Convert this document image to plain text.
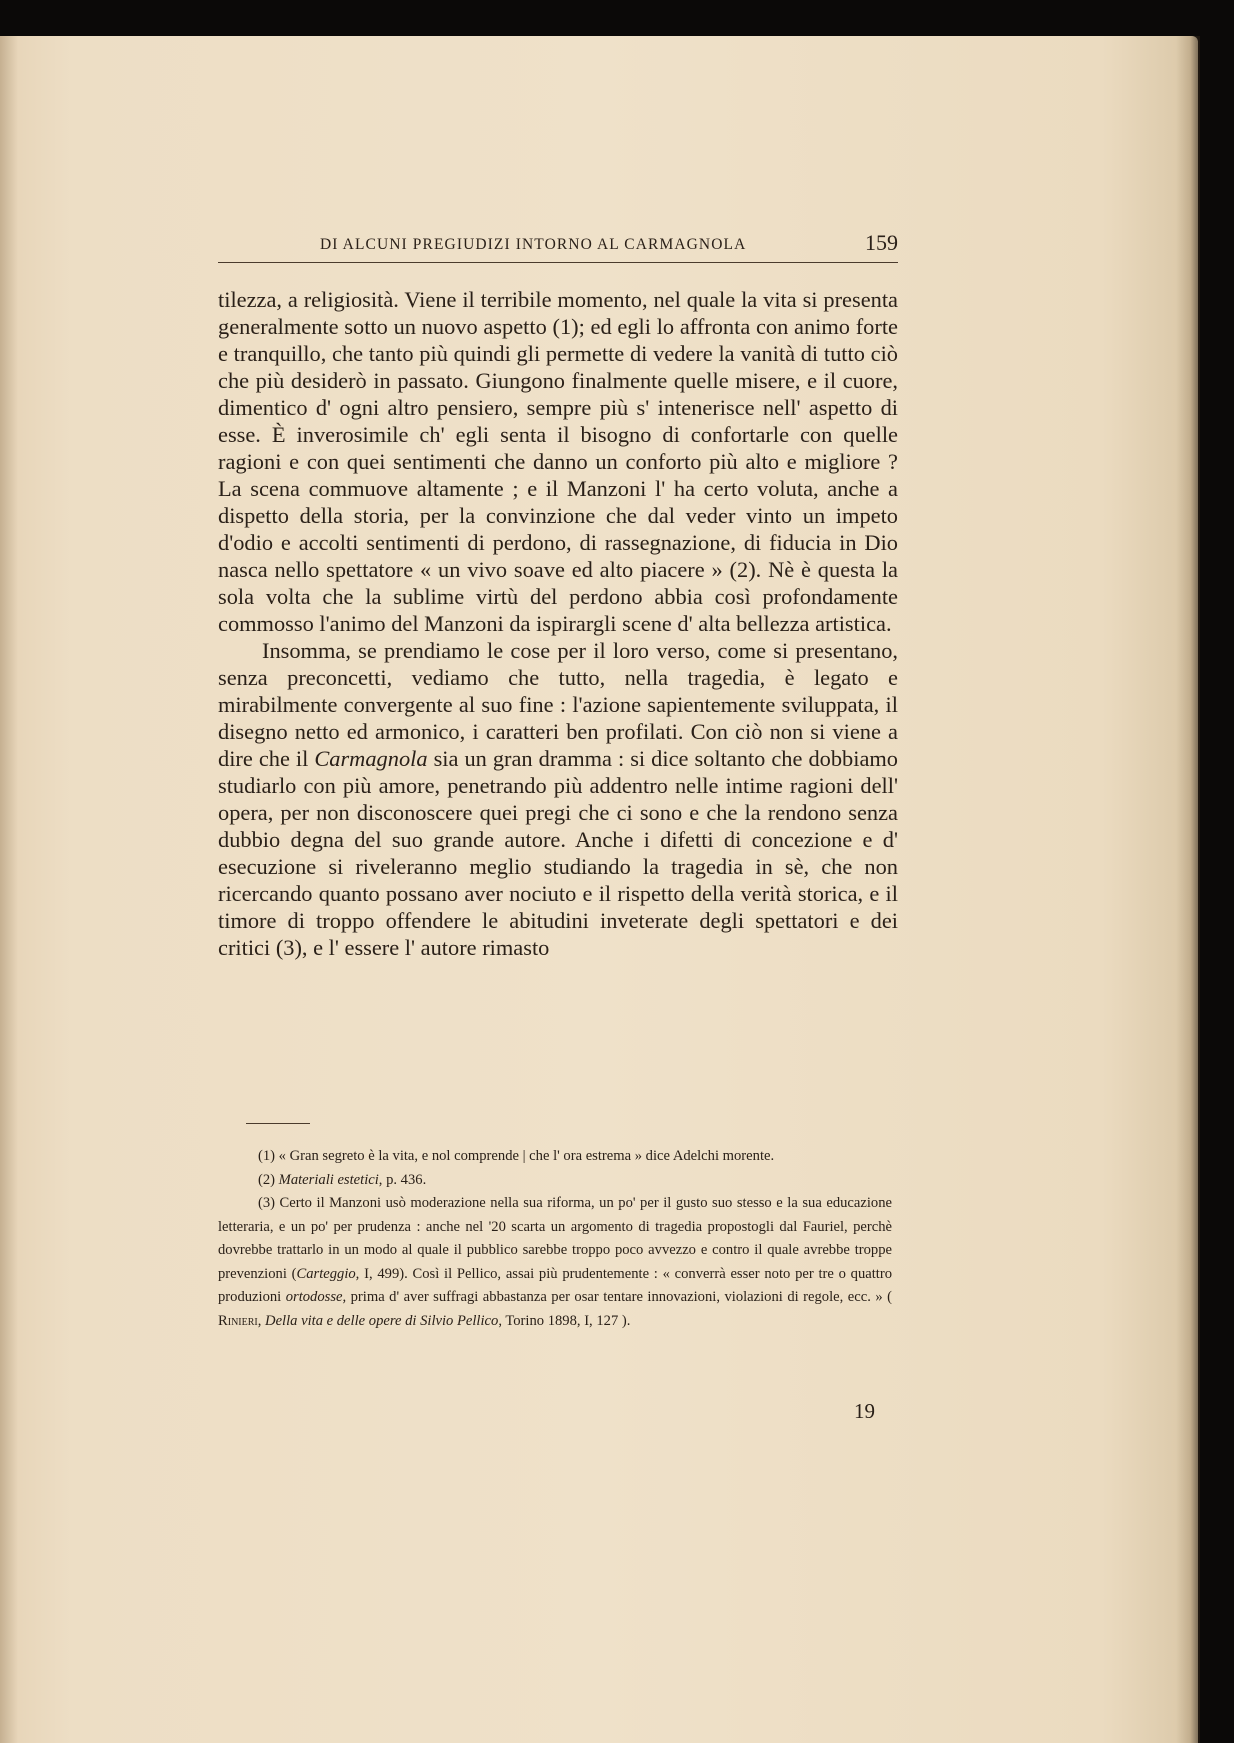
DI ALCUNI PREGIUDIZI INTORNO AL CARMAGNOLA	159

tilezza, a religiosità. Viene il terribile momento, nel quale la vita si presenta generalmente sotto un nuovo aspetto (1); ed egli lo affronta con animo forte e tranquillo, che tanto più quindi gli permette di vedere la vanità di tutto ciò che più desiderò in passato. Giungono finalmente quelle misere, e il cuore, dimentico d' ogni altro pensiero, sempre più s' intenerisce nell' aspetto di esse. È inverosimile ch' egli senta il bisogno di confortarle con quelle ragioni e con quei sentimenti che danno un conforto più alto e migliore ? La scena commuove altamente ; e il Manzoni l' ha certo voluta, anche a dispetto della storia, per la convinzione che dal veder vinto un impeto d'odio e accolti sentimenti di perdono, di rassegnazione, di fiducia in Dio nasca nello spettatore « un vivo soave ed alto piacere » (2). Nè è questa la sola volta che la sublime virtù del perdono abbia così profondamente commosso l'animo del Manzoni da ispirargli scene d' alta bellezza artistica.

Insomma, se prendiamo le cose per il loro verso, come si presentano, senza preconcetti, vediamo che tutto, nella tragedia, è legato e mirabilmente convergente al suo fine : l'azione sapientemente sviluppata, il disegno netto ed armonico, i caratteri ben profilati. Con ciò non si viene a dire che il Carmagnola sia un gran dramma : si dice soltanto che dobbiamo studiarlo con più amore, penetrando più addentro nelle intime ragioni dell' opera, per non disconoscere quei pregi che ci sono e che la rendono senza dubbio degna del suo grande autore. Anche i difetti di concezione e d' esecuzione si riveleranno meglio studiando la tragedia in sè, che non ricercando quanto possano aver nociuto e il rispetto della verità storica, e il timore di troppo offendere le abitudini inveterate degli spettatori e dei critici (3), e l' essere l' autore rimasto

(1) « Gran segreto è la vita, e nol comprende | che l' ora estrema » dice Adelchi morente.

(2) Materiali estetici, p. 436.

(3) Certo il Manzoni usò moderazione nella sua riforma, un po' per il gusto suo stesso e la sua educazione letteraria, e un po' per prudenza : anche nel '20 scarta un argomento di tragedia propostogli dal Fauriel, perchè dovrebbe trattarlo in un modo al quale il pubblico sarebbe troppo poco avvezzo e contro il quale avrebbe troppe prevenzioni (Carteggio, I, 499). Così il Pellico, assai più prudentemente : « converrà esser noto per tre o quattro produzioni ortodosse, prima d' aver suffragi abbastanza per osar tentare innovazioni, violazioni di regole, ecc. » ( Rinieri, Della vita e delle opere di Silvio Pellico, Torino 1898, I, 127 ).

19
